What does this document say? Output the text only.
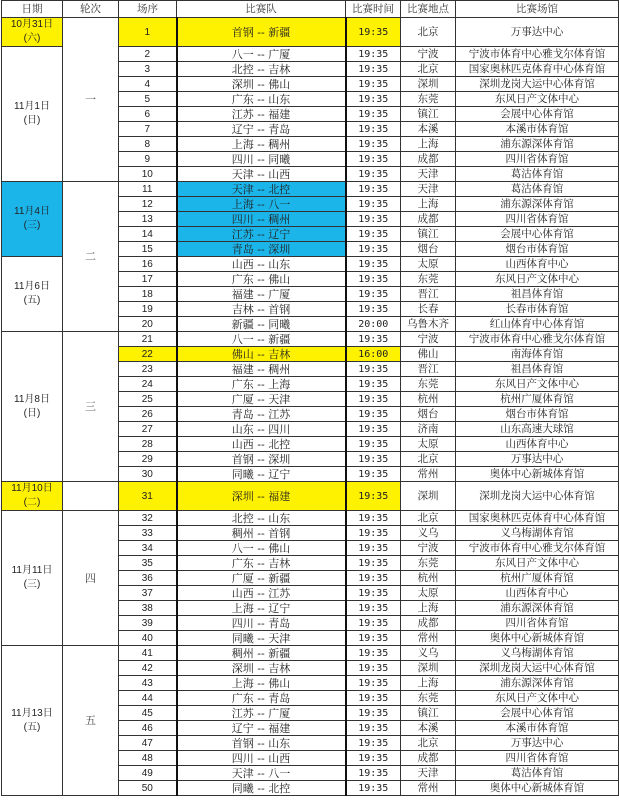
日期	轮次	场序	比赛队	比赛时间	比赛地点	比赛场馆

10月31日
(六)	一	1	首钢 -- 新疆	19:35	北京	万事达中心

11月1日
(日)		2	八一 -- 广厦	19:35	宁波	宁波市体育中心雅戈尔体育馆
		3	北控 -- 吉林	19:35	北京	国家奥林匹克体育中心体育馆
		4	深圳 -- 佛山	19:35	深圳	深圳龙岗大运中心体育馆
		5	广东 -- 山东	19:35	东莞	东风日产文体中心
		6	江苏 -- 福建	19:35	镇江	会展中心体育馆
		7	辽宁 -- 青岛	19:35	本溪	本溪市体育馆
		8	上海 -- 稠州	19:35	上海	浦东源深体育馆
		9	四川 -- 同曦	19:35	成都	四川省体育馆
		10	天津 -- 山西	19:35	天津	葛沽体育馆

11月4日
(三)	二	11	天津 -- 北控	19:35	天津	葛沽体育馆
		12	上海 -- 八一	19:35	上海	浦东源深体育馆
		13	四川 -- 稠州	19:35	成都	四川省体育馆
		14	江苏 -- 辽宁	19:35	镇江	会展中心体育馆
		15	青岛 -- 深圳	19:35	烟台	烟台市体育馆

11月6日
(五)		16	山西 -- 山东	19:35	太原	山西体育中心
		17	广东 -- 佛山	19:35	东莞	东风日产文体中心
		18	福建 -- 广厦	19:35	晋江	祖昌体育馆
		19	吉林 -- 首钢	19:35	长春	长春市体育馆
		20	新疆 -- 同曦	20:00	乌鲁木齐	红山体育中心体育馆

11月8日
(日)	三	21	八一 -- 新疆	19:35	宁波	宁波市体育中心雅戈尔体育馆
		22	佛山 -- 吉林	16:00	佛山	南海体育馆
		23	福建 -- 稠州	19:35	晋江	祖昌体育馆
		24	广东 -- 上海	19:35	东莞	东风日产文体中心
		25	广厦 -- 天津	19:35	杭州	杭州广厦体育馆
		26	青岛 -- 江苏	19:35	烟台	烟台市体育馆
		27	山东 -- 四川	19:35	济南	山东高速大球馆
		28	山西 -- 北控	19:35	太原	山西体育中心
		29	首钢 -- 深圳	19:35	北京	万事达中心
		30	同曦 -- 辽宁	19:35	常州	奥体中心新城体育馆

11月10日
(二)		31	深圳 -- 福建	19:35	深圳	深圳龙岗大运中心体育馆

11月11日
(三)	四	32	北控 -- 山东	19:35	北京	国家奥林匹克体育中心体育馆
		33	稠州 -- 首钢	19:35	义乌	义乌梅湖体育馆
		34	八一 -- 佛山	19:35	宁波	宁波市体育中心雅戈尔体育馆
		35	广东 -- 吉林	19:35	东莞	东风日产文体中心
		36	广厦 -- 新疆	19:35	杭州	杭州广厦体育馆
		37	山西 -- 江苏	19:35	太原	山西体育中心
		38	上海 -- 辽宁	19:35	上海	浦东源深体育馆
		39	四川 -- 青岛	19:35	成都	四川省体育馆
		40	同曦 -- 天津	19:35	常州	奥体中心新城体育馆

11月13日
(五)	五	41	稠州 -- 新疆	19:35	义乌	义乌梅湖体育馆
		42	深圳 -- 吉林	19:35	深圳	深圳龙岗大运中心体育馆
		43	上海 -- 佛山	19:35	上海	浦东源深体育馆
		44	广东 -- 青岛	19:35	东莞	东风日产文体中心
		45	江苏 -- 广厦	19:35	镇江	会展中心体育馆
		46	辽宁 -- 福建	19:35	本溪	本溪市体育馆
		47	首钢 -- 山东	19:35	北京	万事达中心
		48	四川 -- 山西	19:35	成都	四川省体育馆
		49	天津 -- 八一	19:35	天津	葛沽体育馆
		50	同曦 -- 北控	19:35	常州	奥体中心新城体育馆
